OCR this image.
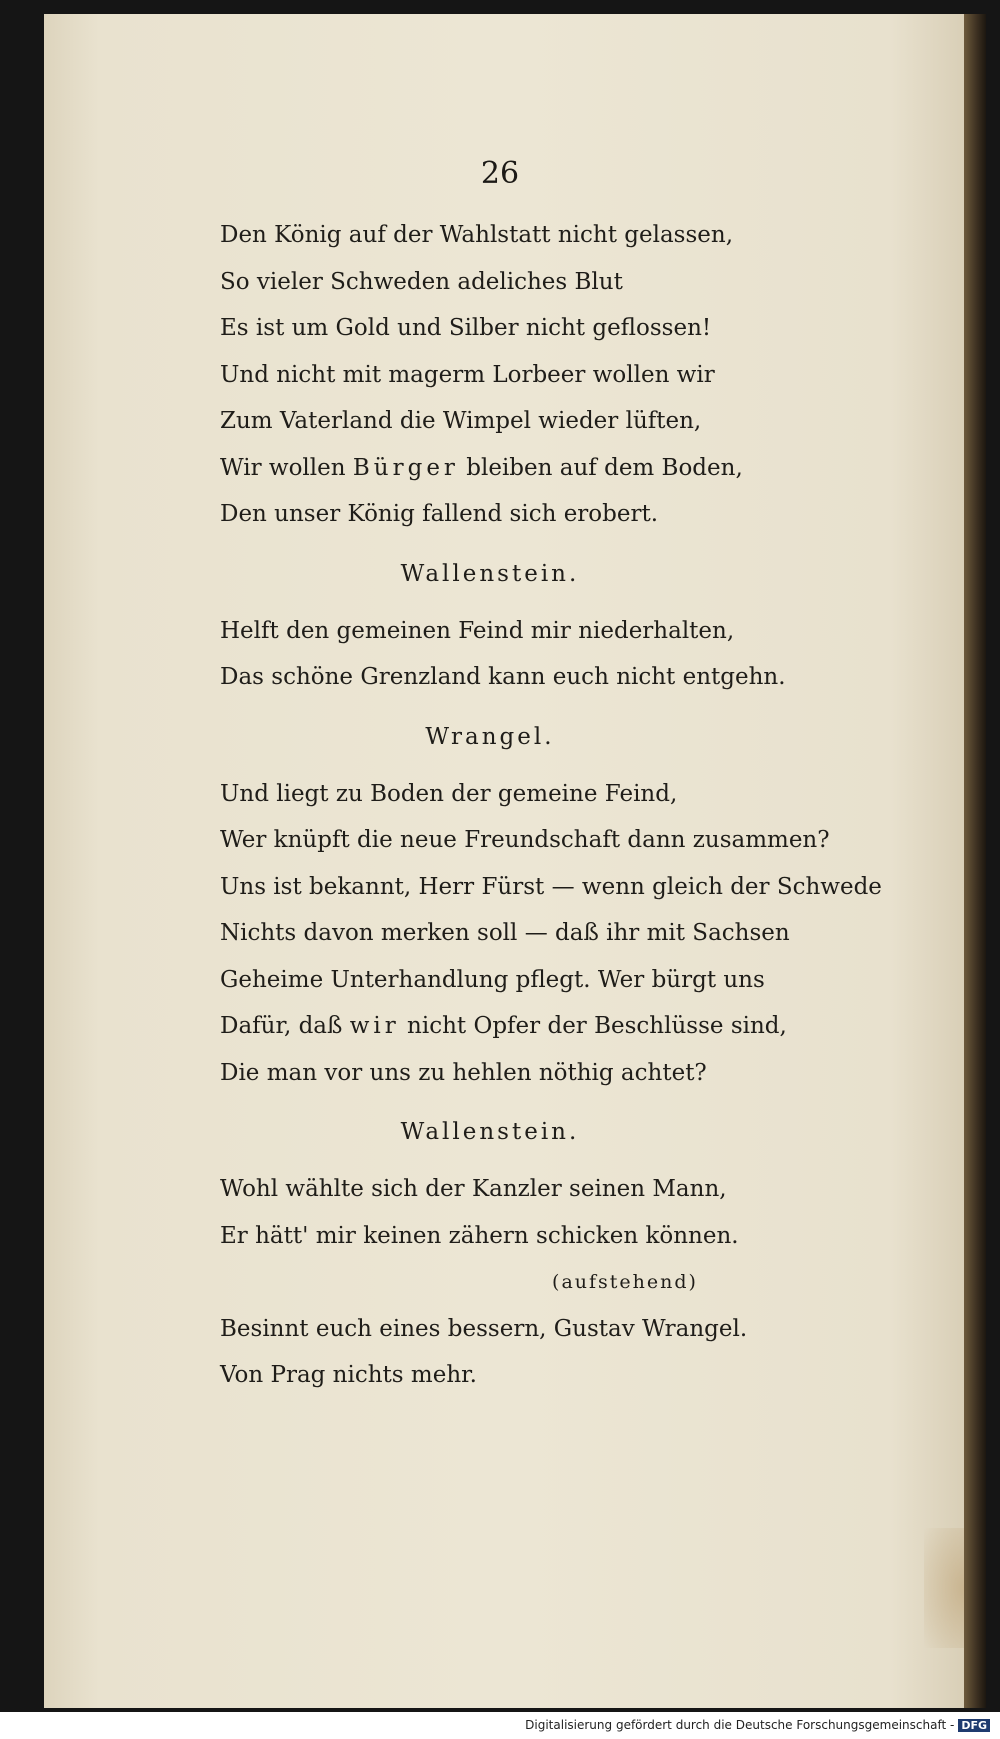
26
Den König auf der Wahlstatt nicht gelassen,
So vieler Schweden adeliches Blut
Es ist um Gold und Silber nicht geflossen!
Und nicht mit magerm Lorbeer wollen wir
Zum Vaterland die Wimpel wieder lüften,
Wir wollen Bürger bleiben auf dem Boden,
Den unser König fallend sich erobert.
Wallenstein.
Helft den gemeinen Feind mir niederhalten,
Das schöne Grenzland kann euch nicht entgehn.
Wrangel.
Und liegt zu Boden der gemeine Feind,
Wer knüpft die neue Freundschaft dann zusammen?
Uns ist bekannt, Herr Fürst — wenn gleich der Schwede
Nichts davon merken soll — daß ihr mit Sachsen
Geheime Unterhandlung pflegt. Wer bürgt uns
Dafür, daß wir nicht Opfer der Beschlüsse sind,
Die man vor uns zu hehlen nöthig achtet?
Wallenstein.
Wohl wählte sich der Kanzler seinen Mann,
Er hätt' mir keinen zähern schicken können.
(aufstehend)
Besinnt euch eines bessern, Gustav Wrangel.
Von Prag nichts mehr.
Digitalisierung gefördert durch die Deutsche Forschungsgemeinschaft - DFG
